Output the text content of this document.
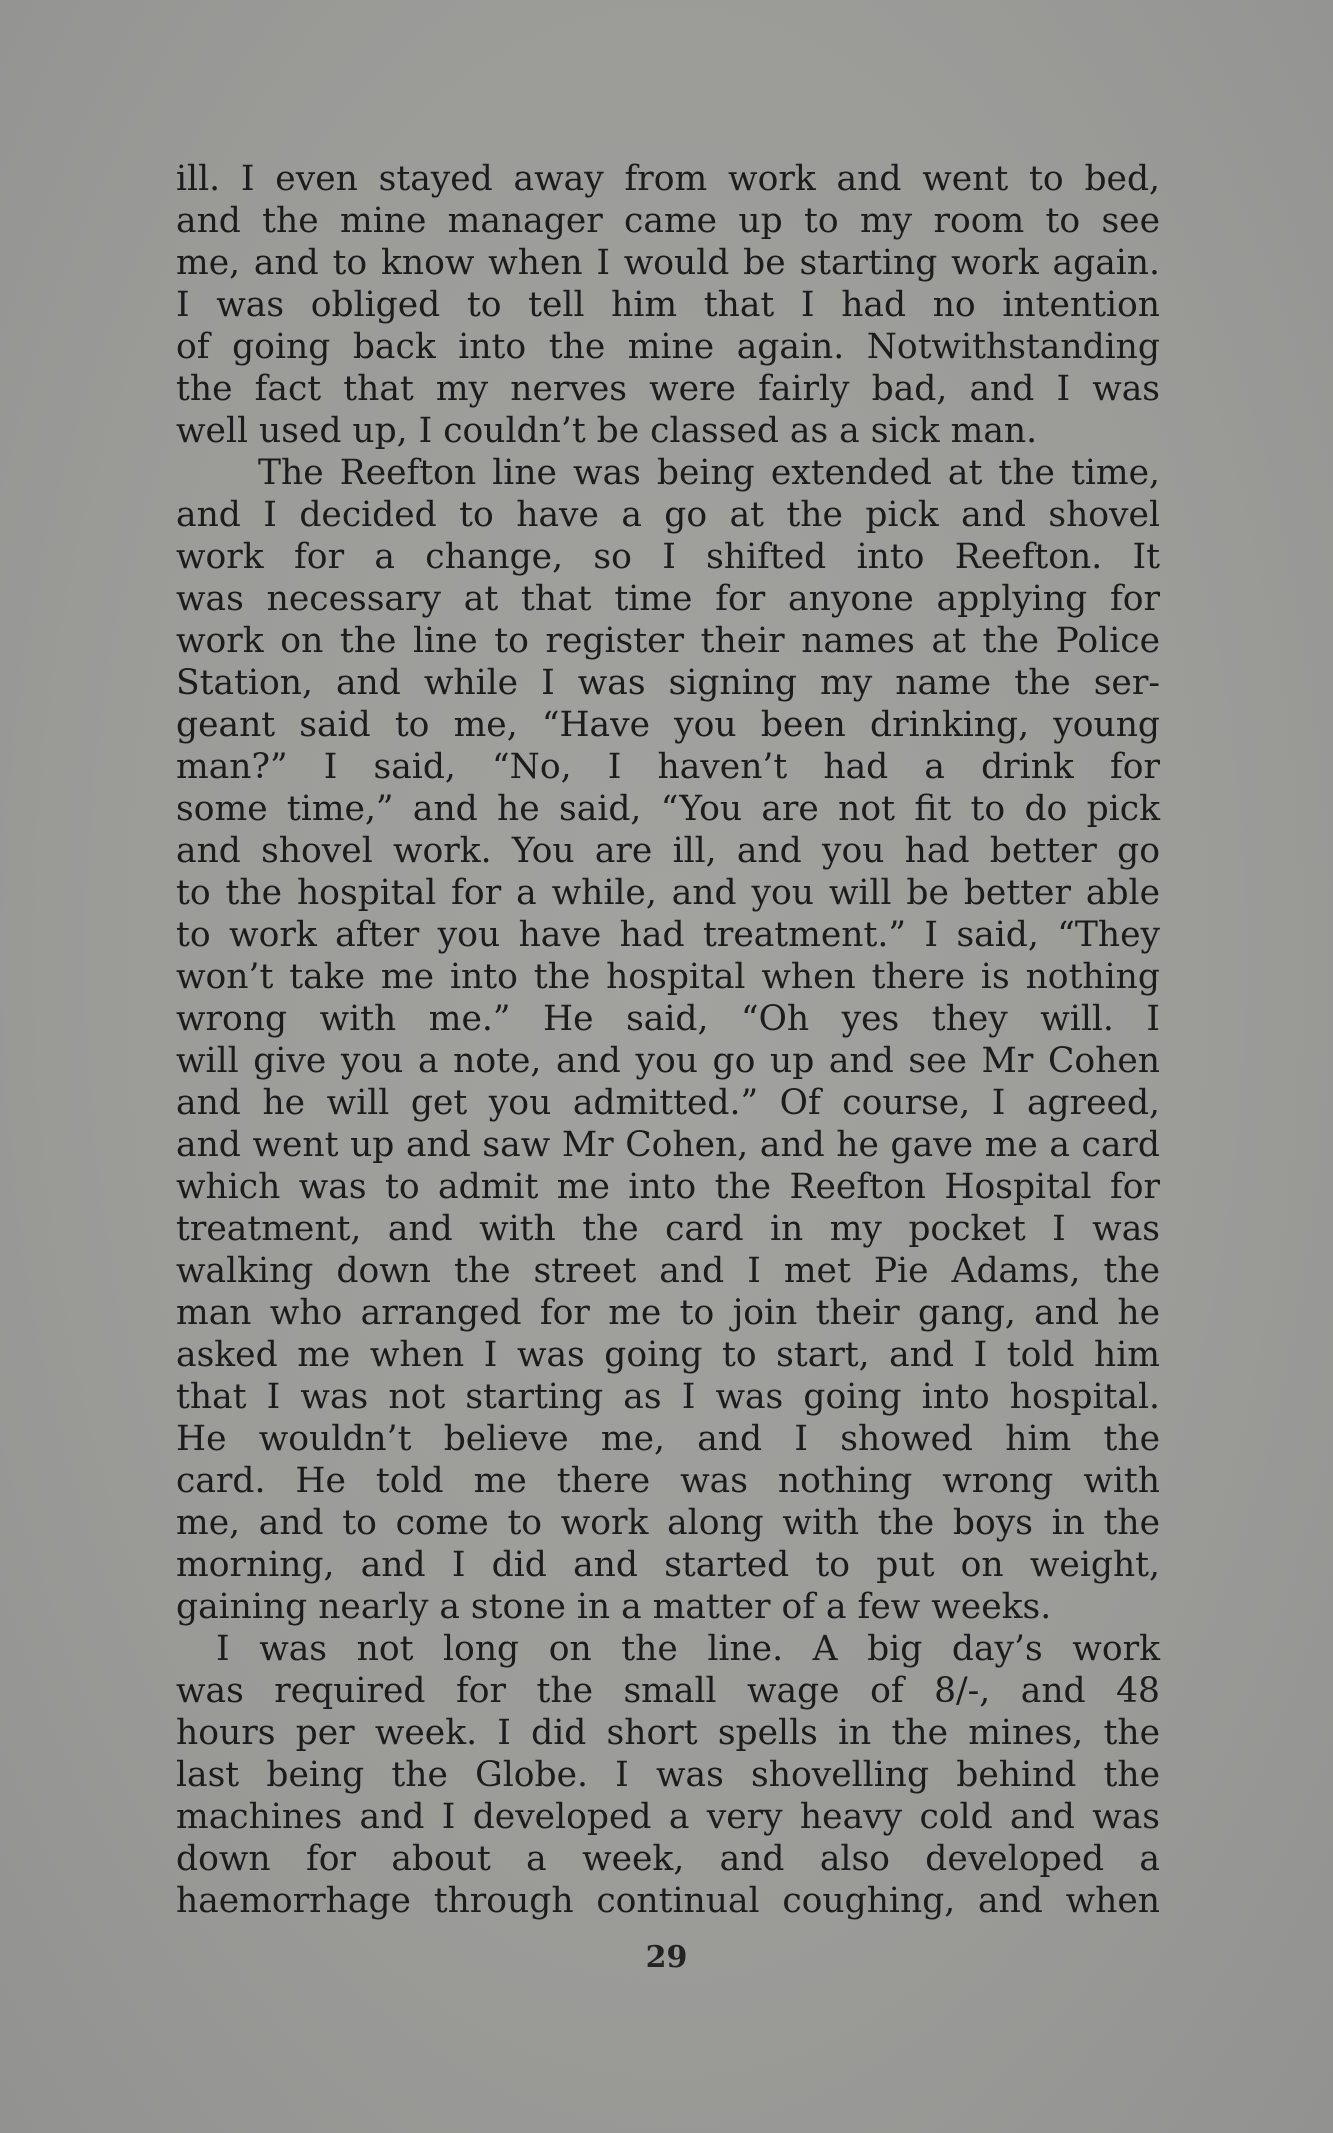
ill. I even stayed away from work and went to bed,
and the mine manager came up to my room to see
me, and to know when I would be starting work again.
I was obliged to tell him that I had no intention
of going back into the mine again. Notwithstanding
the fact that my nerves were fairly bad, and I was
well used up, I couldn’t be classed as a sick man.
The Reefton line was being extended at the time,
and I decided to have a go at the pick and shovel
work for a change, so I shifted into Reefton. It
was necessary at that time for anyone applying for
work on the line to register their names at the Police
Station, and while I was signing my name the ser-
geant said to me, “Have you been drinking, young
man?” I said, “No, I haven’t had a drink for
some time,” and he said, “You are not fit to do pick
and shovel work. You are ill, and you had better go
to the hospital for a while, and you will be better able
to work after you have had treatment.” I said, “They
won’t take me into the hospital when there is nothing
wrong with me.” He said, “Oh yes they will. I
will give you a note, and you go up and see Mr Cohen
and he will get you admitted.” Of course, I agreed,
and went up and saw Mr Cohen, and he gave me a card
which was to admit me into the Reefton Hospital for
treatment, and with the card in my pocket I was
walking down the street and I met Pie Adams, the
man who arranged for me to join their gang, and he
asked me when I was going to start, and I told him
that I was not starting as I was going into hospital.
He wouldn’t believe me, and I showed him the
card. He told me there was nothing wrong with
me, and to come to work along with the boys in the
morning, and I did and started to put on weight,
gaining nearly a stone in a matter of a few weeks.
I was not long on the line. A big day’s work
was required for the small wage of 8/-, and 48
hours per week. I did short spells in the mines, the
last being the Globe. I was shovelling behind the
machines and I developed a very heavy cold and was
down for about a week, and also developed a
haemorrhage through continual coughing, and when
29
